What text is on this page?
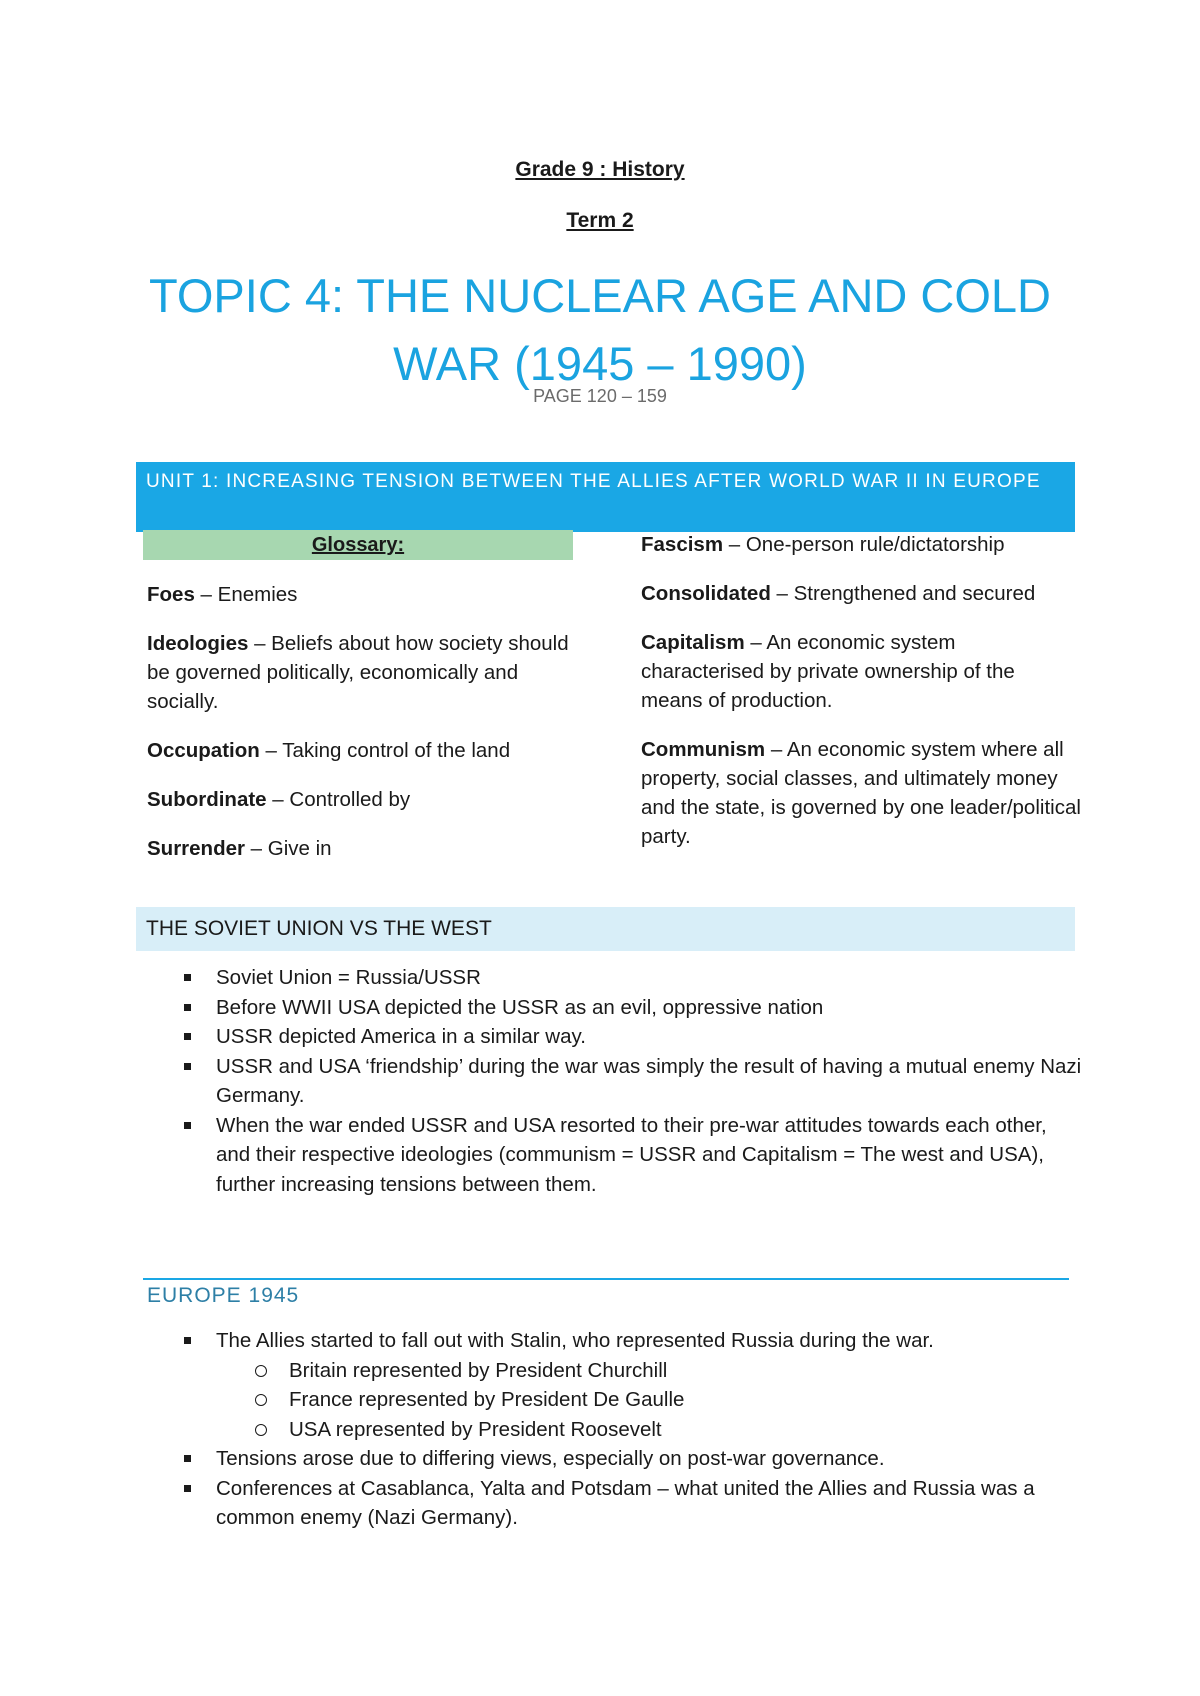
Grade 9 : History
Term 2
TOPIC 4: THE NUCLEAR AGE AND COLD
WAR (1945 – 1990)
PAGE 120 – 159
UNIT 1: INCREASING TENSION BETWEEN THE ALLIES AFTER WORLD WAR II IN EUROPE
Glossary:

Foes – Enemies

Ideologies – Beliefs about how society should be governed politically, economically and socially.

Occupation – Taking control of the land

Subordinate – Controlled by

Surrender – Give in

Fascism – One-person rule/dictatorship

Consolidated – Strengthened and secured

Capitalism – An economic system characterised by private ownership of the means of production.

Communism – An economic system where all property, social classes, and ultimately money and the state, is governed by one leader/political party.

THE SOVIET UNION VS THE WEST
Soviet Union = Russia/USSR
Before WWII USA depicted the USSR as an evil, oppressive nation
USSR depicted America in a similar way.
USSR and USA ‘friendship’ during the war was simply the result of having a mutual enemy Nazi Germany.
When the war ended USSR and USA resorted to their pre-war attitudes towards each other, and their respective ideologies (communism = USSR and Capitalism = The west and USA), further increasing tensions between them.
EUROPE 1945
The Allies started to fall out with Stalin, who represented Russia during the war.
Britain represented by President Churchill
France represented by President De Gaulle
USA represented by President Roosevelt
Tensions arose due to differing views, especially on post-war governance.
Conferences at Casablanca, Yalta and Potsdam – what united the Allies and Russia was a common enemy (Nazi Germany).
